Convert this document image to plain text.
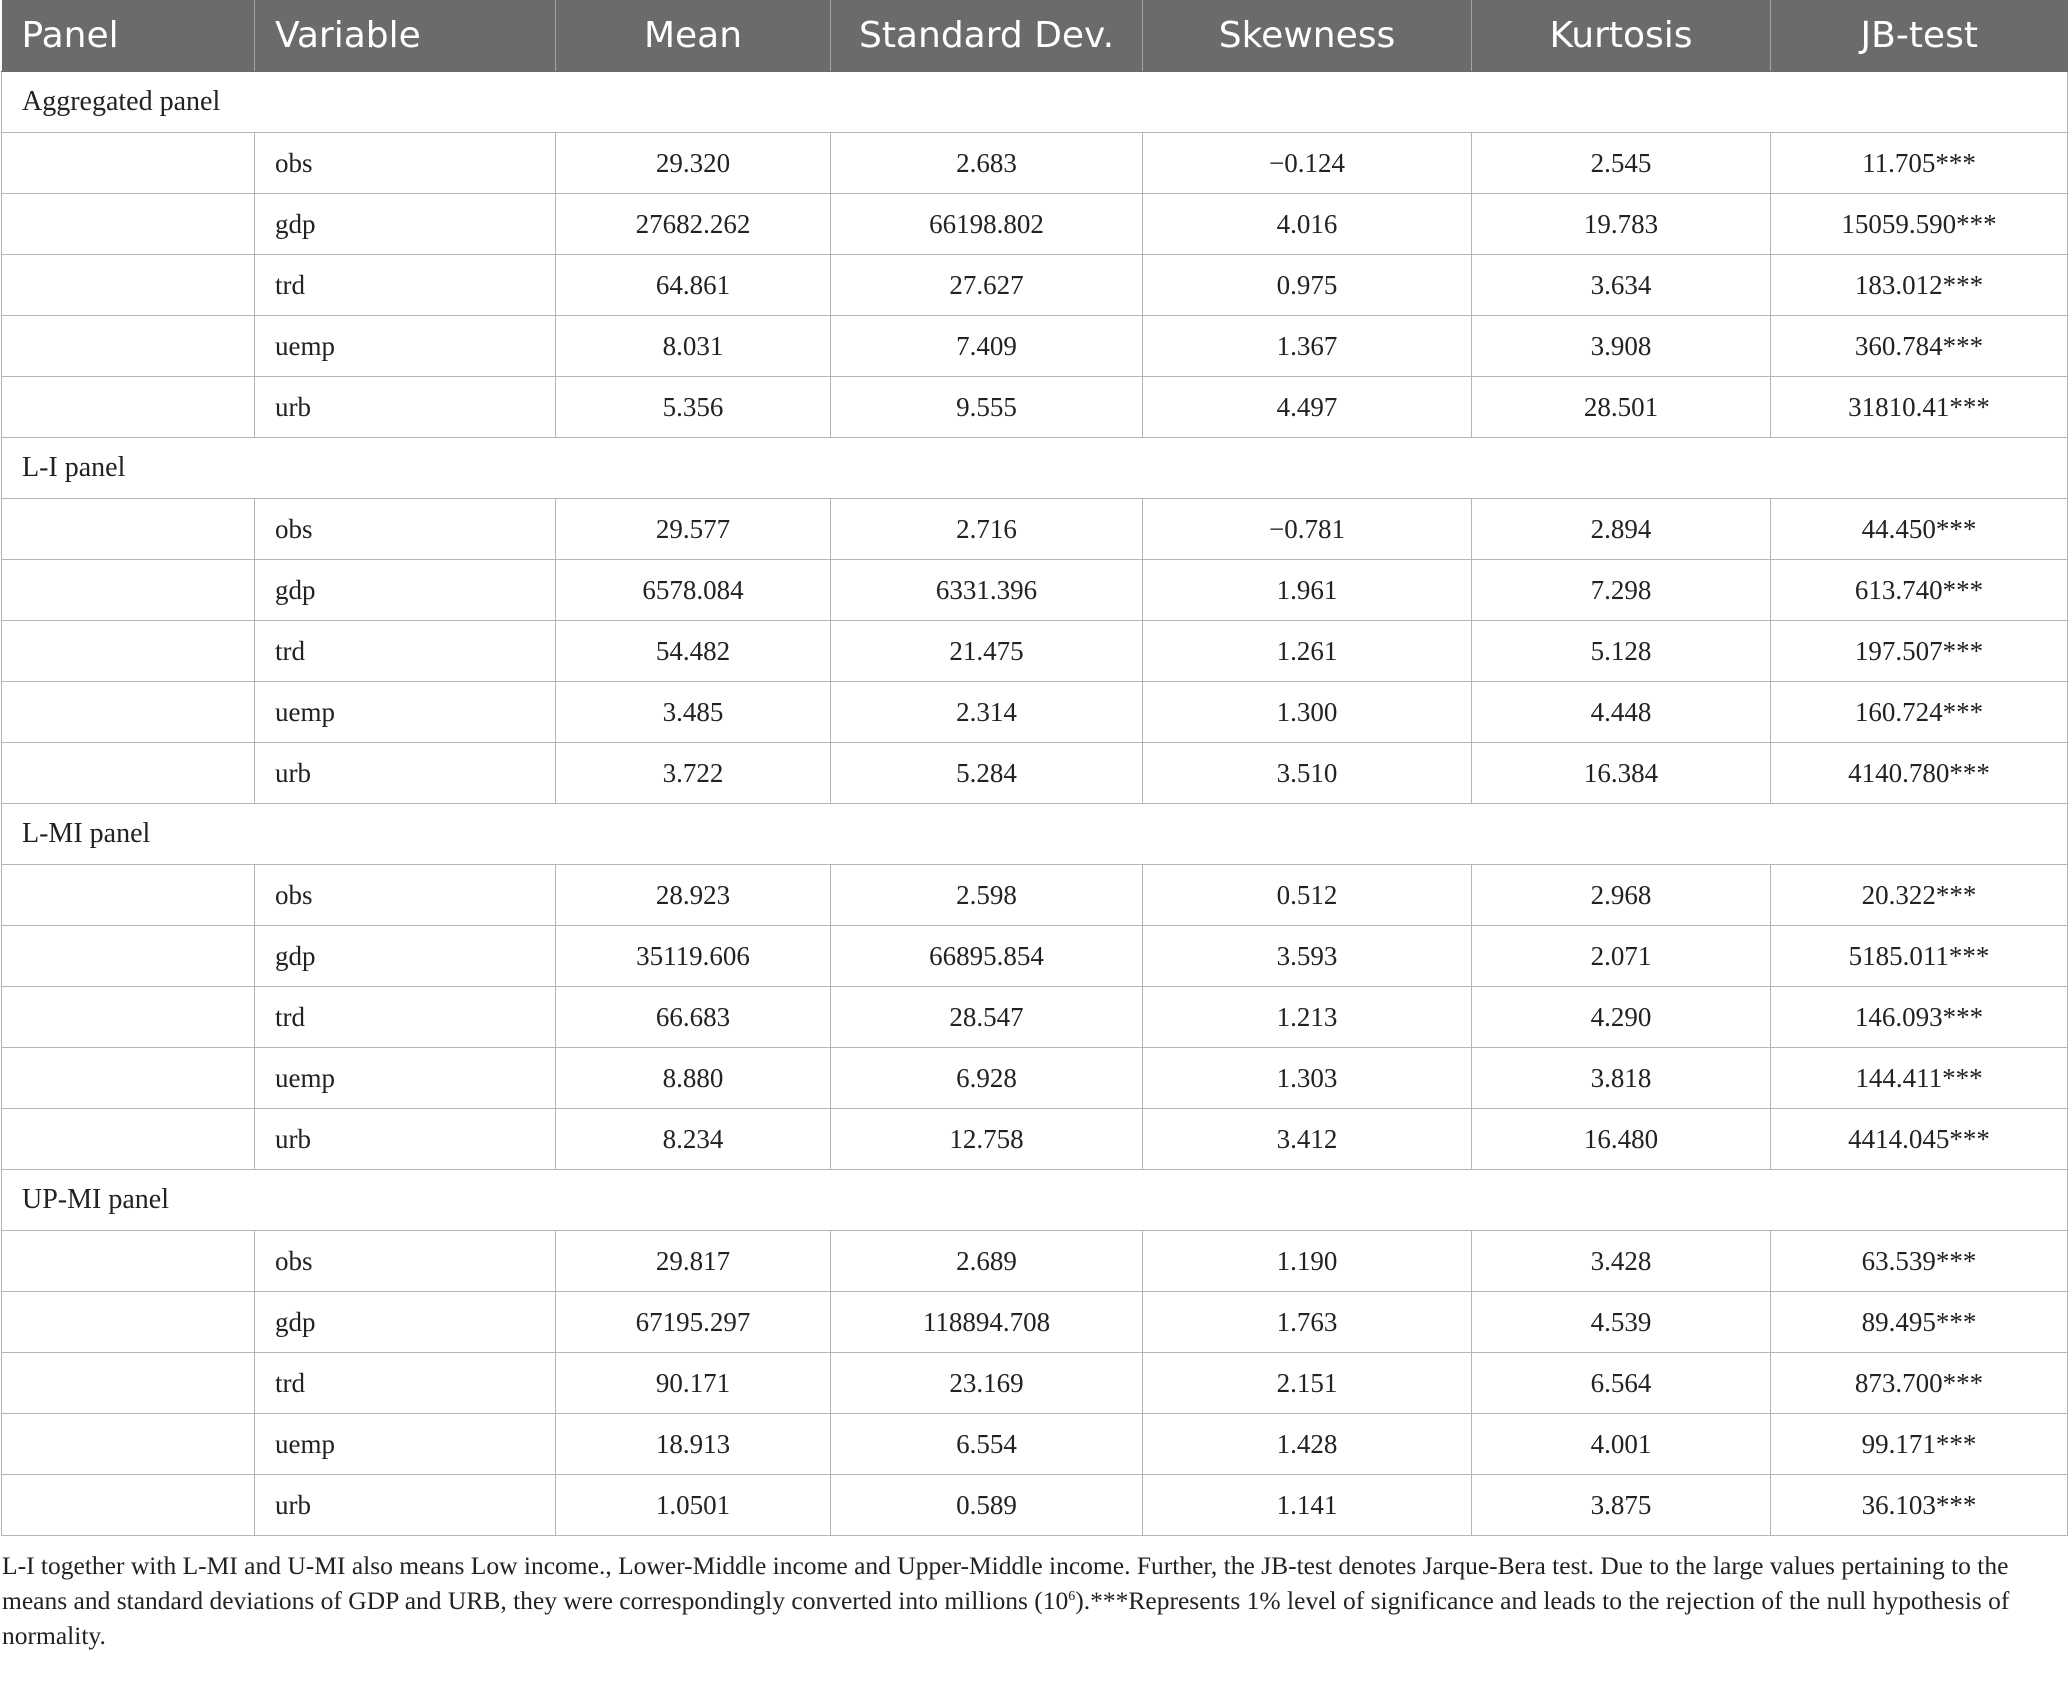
Panel	Variable	Mean	Standard Dev.	Skewness	Kurtosis	JB-test
Aggregated panel						
	obs	29.320	2.683	−0.124	2.545	11.705***
	gdp	27682.262	66198.802	4.016	19.783	15059.590***
	trd	64.861	27.627	0.975	3.634	183.012***
	uemp	8.031	7.409	1.367	3.908	360.784***
	urb	5.356	9.555	4.497	28.501	31810.41***
L-I panel						
	obs	29.577	2.716	−0.781	2.894	44.450***
	gdp	6578.084	6331.396	1.961	7.298	613.740***
	trd	54.482	21.475	1.261	5.128	197.507***
	uemp	3.485	2.314	1.300	4.448	160.724***
	urb	3.722	5.284	3.510	16.384	4140.780***
L-MI panel						
	obs	28.923	2.598	0.512	2.968	20.322***
	gdp	35119.606	66895.854	3.593	2.071	5185.011***
	trd	66.683	28.547	1.213	4.290	146.093***
	uemp	8.880	6.928	1.303	3.818	144.411***
	urb	8.234	12.758	3.412	16.480	4414.045***
UP-MI panel						
	obs	29.817	2.689	1.190	3.428	63.539***
	gdp	67195.297	118894.708	1.763	4.539	89.495***
	trd	90.171	23.169	2.151	6.564	873.700***
	uemp	18.913	6.554	1.428	4.001	99.171***
	urb	1.0501	0.589	1.141	3.875	36.103***
L-I together with L-MI and U-MI also means Low income., Lower-Middle income and Upper-Middle income. Further, the JB-test denotes Jarque-Bera test. Due to the large values pertaining to the means and standard deviations of GDP and URB, they were correspondingly converted into millions $(10^6).***Represents$ 1% level of significance and leads to the rejection of the null hypothesis of normality.
